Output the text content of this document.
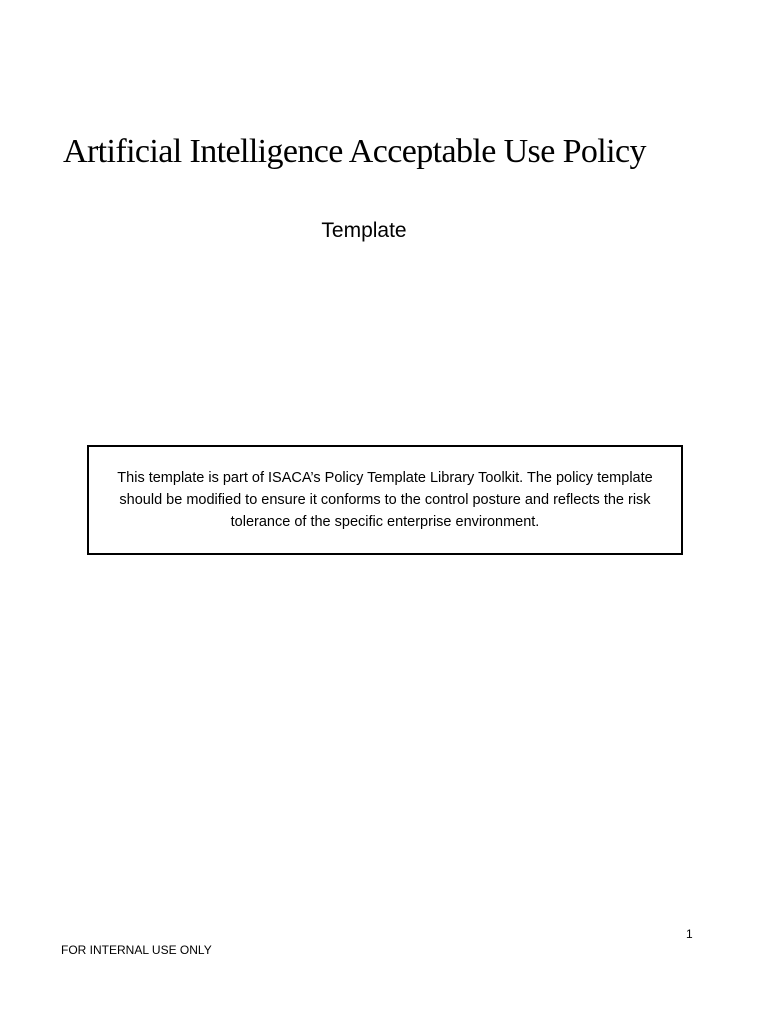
Artificial Intelligence Acceptable Use Policy
Template

This template is part of ISACA’s Policy Template Library Toolkit. The policy template should be modified to ensure it conforms to the control posture and reflects the risk tolerance of the specific enterprise environment.

1
FOR INTERNAL USE ONLY
